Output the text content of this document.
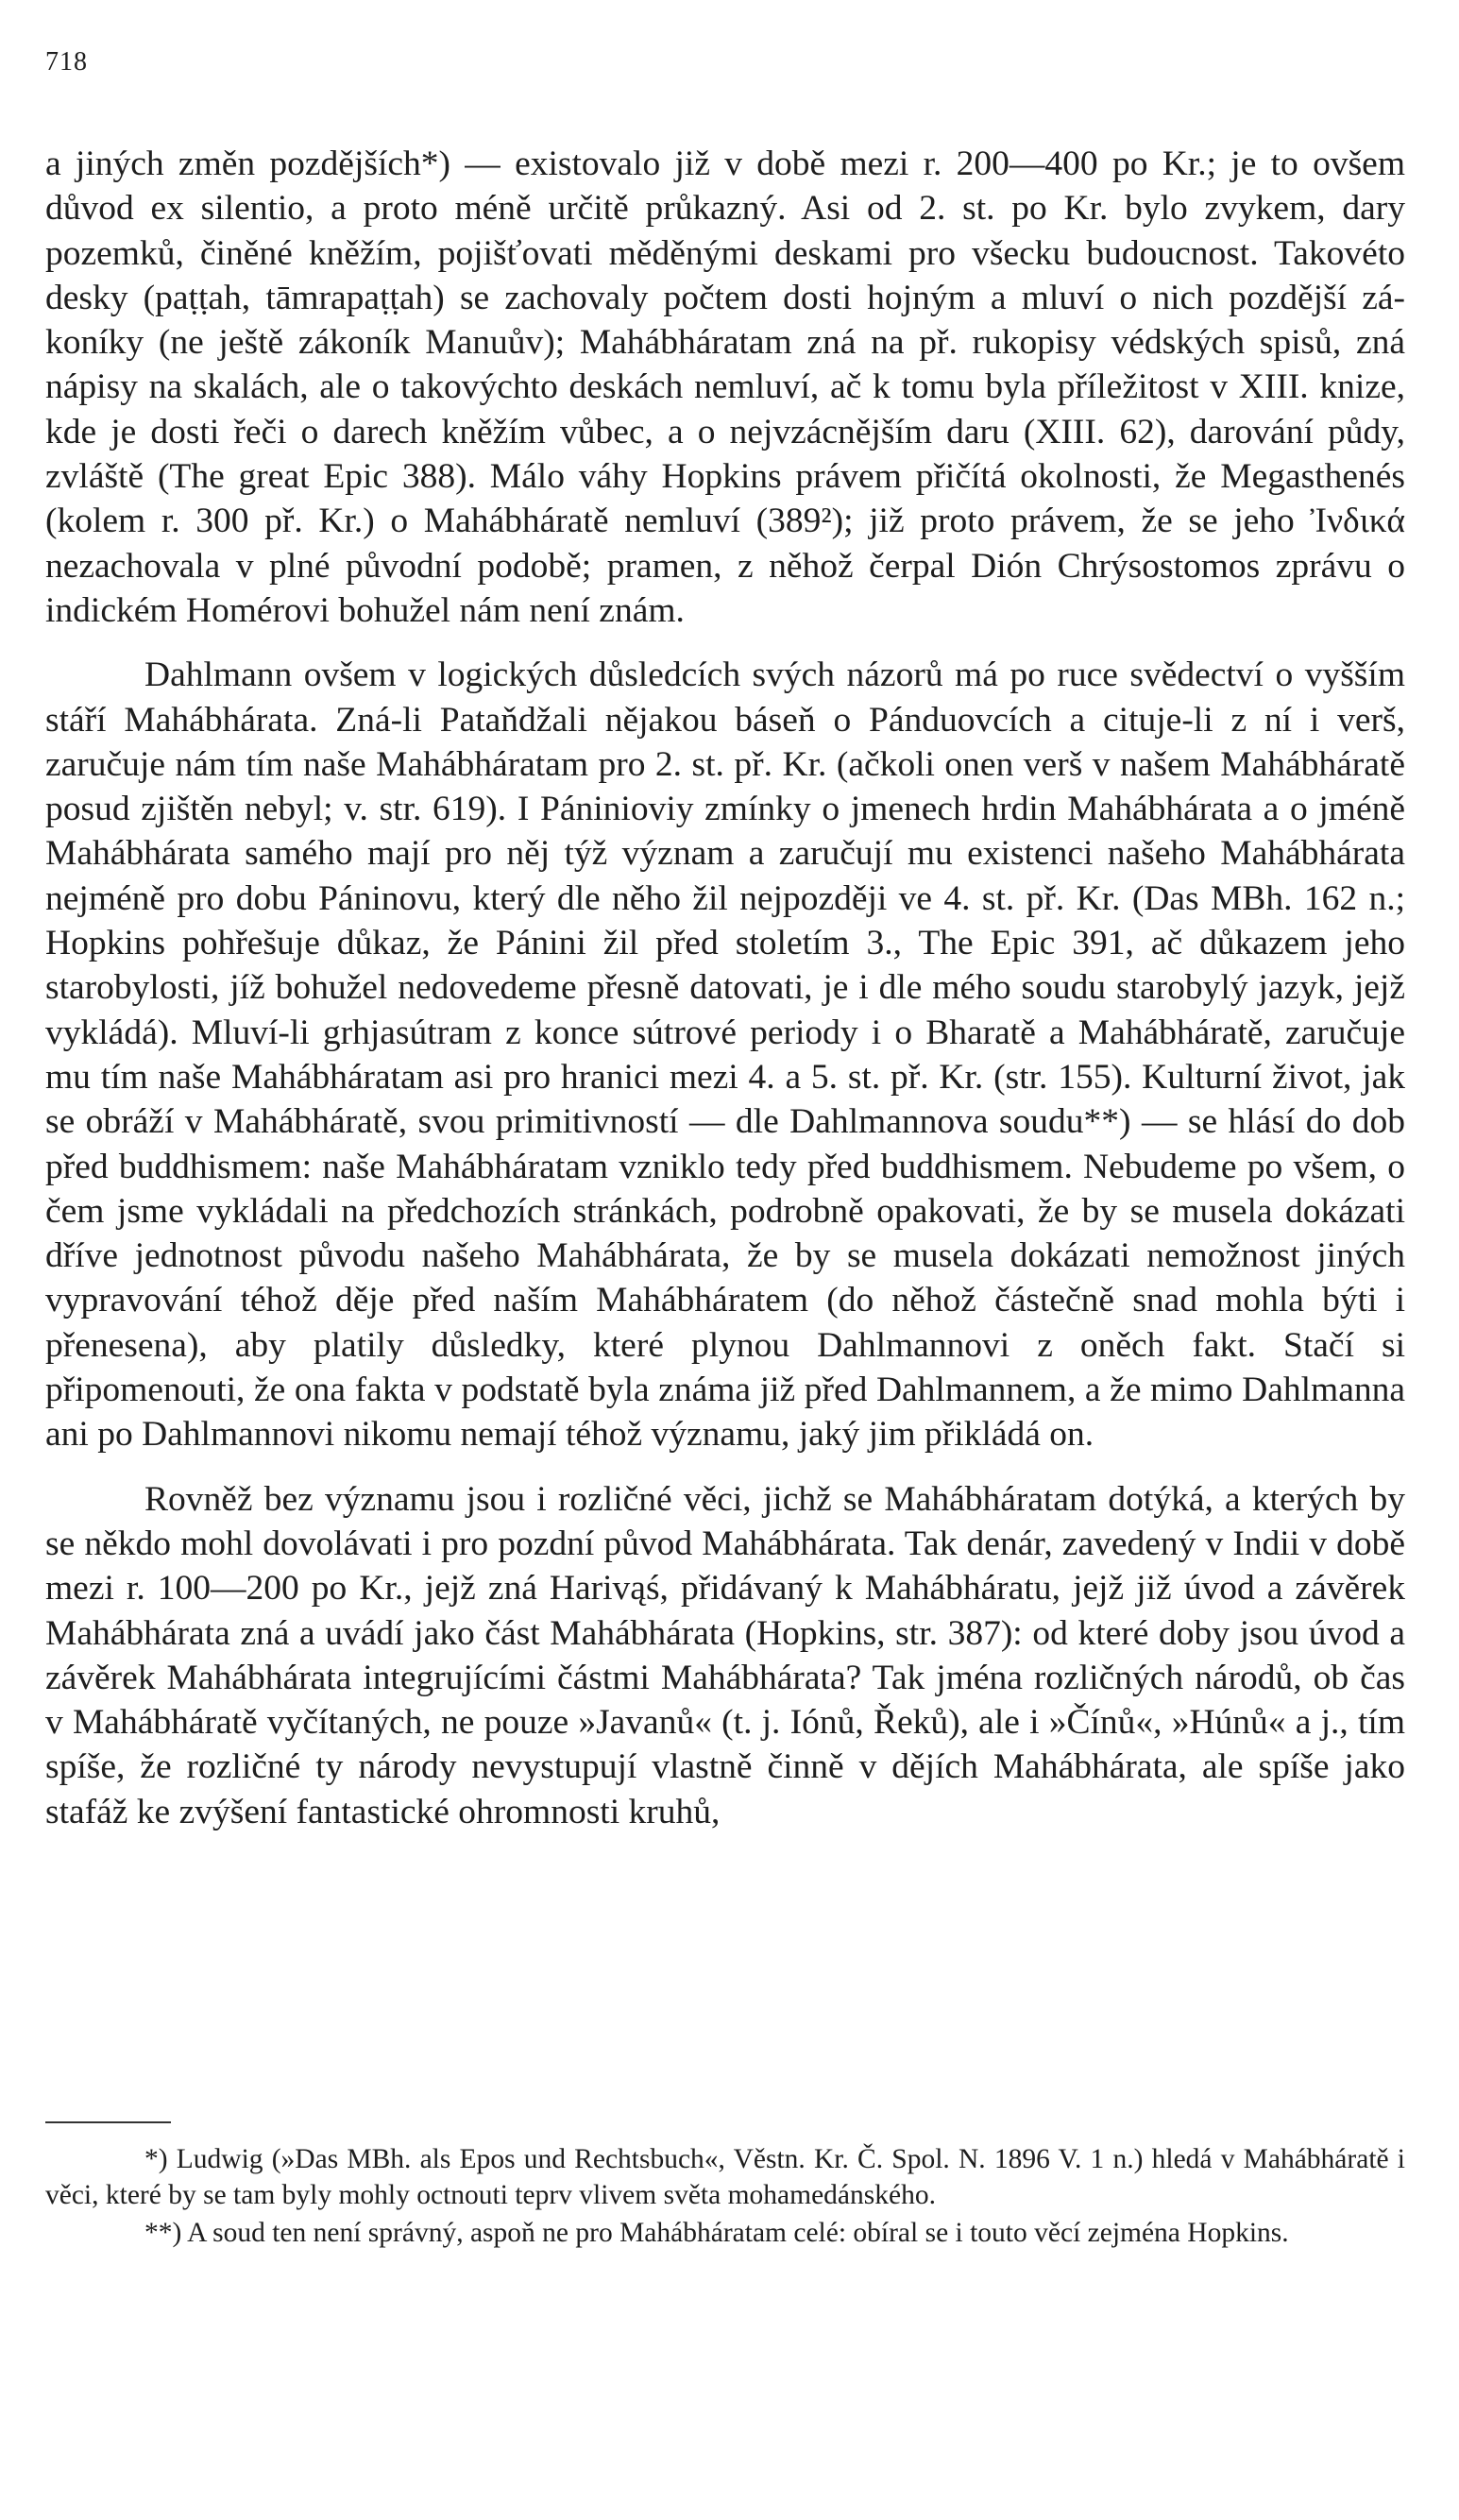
718

a jiných změn pozdějších*) — existovalo již v době mezi r. 200—400 po Kr.; je to ovšem důvod ex silentio, a proto méně určitě průkazný. Asi od 2. st. po Kr. bylo zvykem, dary pozemků, činěné kněžím, pojišťovati měděnými deskami pro všecku budoucnost. Takovéto desky (paṭṭah, tāmrapaṭṭah) se zachovaly počtem dosti hojným a mluví o nich pozdější zákoníky (ne ještě zákoník Manuův); Mahábháratam zná na př. rukopisy védských spisů, zná nápisy na skalách, ale o takovýchto deskách nemluví, ač k tomu byla příležitost v XIII. knize, kde je dosti řeči o darech kněžím vůbec, a o nejvzácnějším daru (XIII. 62), darování půdy, zvláště (The great Epic 388). Málo váhy Hopkins právem přičítá okolnosti, že Megasthenés (kolem r. 300 př. Kr.) o Mahábháratě nemluví (389²); již proto právem, že se jeho Ἰνδικά nezachovala v plné původní podobě; pramen, z něhož čerpal Dión Chrýsostomos zprávu o indickém Homérovi bohužel nám není znám.

Dahlmann ovšem v logických důsledcích svých názorů má po ruce svědectví o vyšším stáří Mahábhárata. Zná-li Pataňdžali nějakou báseň o Pánduovcích a cituje-li z ní i verš, zaručuje nám tím naše Mahábháratam pro 2. st. př. Kr. (ačkoli onen verš v našem Mahábháratě posud zjištěn nebyl; v. str. 619). I Páninioviy zmínky o jmenech hrdin Mahábhárata a o jméně Mahábhárata samého mají pro něj týž význam a zaručují mu existenci našeho Mahábhárata nejméně pro dobu Páninovu, který dle něho žil nejpozději ve 4. st. př. Kr. (Das MBh. 162 n.; Hopkins pohřešuje důkaz, že Pánini žil před stoletím 3., The Epic 391, ač důkazem jeho starobylosti, jíž bohužel nedovedeme přesně datovati, je i dle mého soudu starobylý jazyk, jejž vykládá). Mluví-li grhjasútram z konce sútrové periody i o Bharatě a Mahábháratě, zaručuje mu tím naše Mahábháratam asi pro hranici mezi 4. a 5. st. př. Kr. (str. 155). Kulturní život, jak se obráží v Mahábháratě, svou primitivností — dle Dahlmannova soudu**) — se hlásí do dob před buddhismem: naše Mahábháratam vzniklo tedy před buddhismem. Nebudeme po všem, o čem jsme vykládali na předchozích stránkách, podrobně opakovati, že by se musela dokázati dříve jednotnost původu našeho Mahábhárata, že by se musela dokázati nemožnost jiných vypravování téhož děje před naším Mahábháratem (do něhož částečně snad mohla býti i přenesena), aby platily důsledky, které plynou Dahlmannovi z oněch fakt. Stačí si připomenouti, že ona fakta v podstatě byla známa již před Dahlmannem, a že mimo Dahlmanna ani po Dahlmannovi nikomu nemají téhož významu, jaký jim přikládá on.

Rovněž bez významu jsou i rozličné věci, jichž se Mahábháratam dotýká, a kterých by se někdo mohl dovolávati i pro pozdní původ Mahábhárata. Tak denár, zavedený v Indii v době mezi r. 100—200 po Kr., jejž zná Harivąś, přidávaný k Mahábháratu, jejž již úvod a závěrek Mahábhárata zná a uvádí jako část Mahábhárata (Hopkins, str. 387): od které doby jsou úvod a závěrek Mahábhárata integrujícími částmi Mahábhárata? Tak jména rozličných národů, ob čas v Mahábháratě vyčítaných, ne pouze »Javanů« (t. j. Iónů, Řeků), ale i »Čínů«, »Húnů« a j., tím spíše, že rozličné ty národy nevystupují vlastně činně v dějích Mahábhárata, ale spíše jako stafáž ke zvýšení fantastické ohromnosti kruhů,

*) Ludwig (»Das MBh. als Epos und Rechtsbuch«, Věstn. Kr. Č. Spol. N. 1896 V. 1 n.) hledá v Mahábháratě i věci, které by se tam byly mohly octnouti teprv vlivem světa mohamedánského.

**) A soud ten není správný, aspoň ne pro Mahábháratam celé: obíral se i touto věcí zejména Hopkins.
